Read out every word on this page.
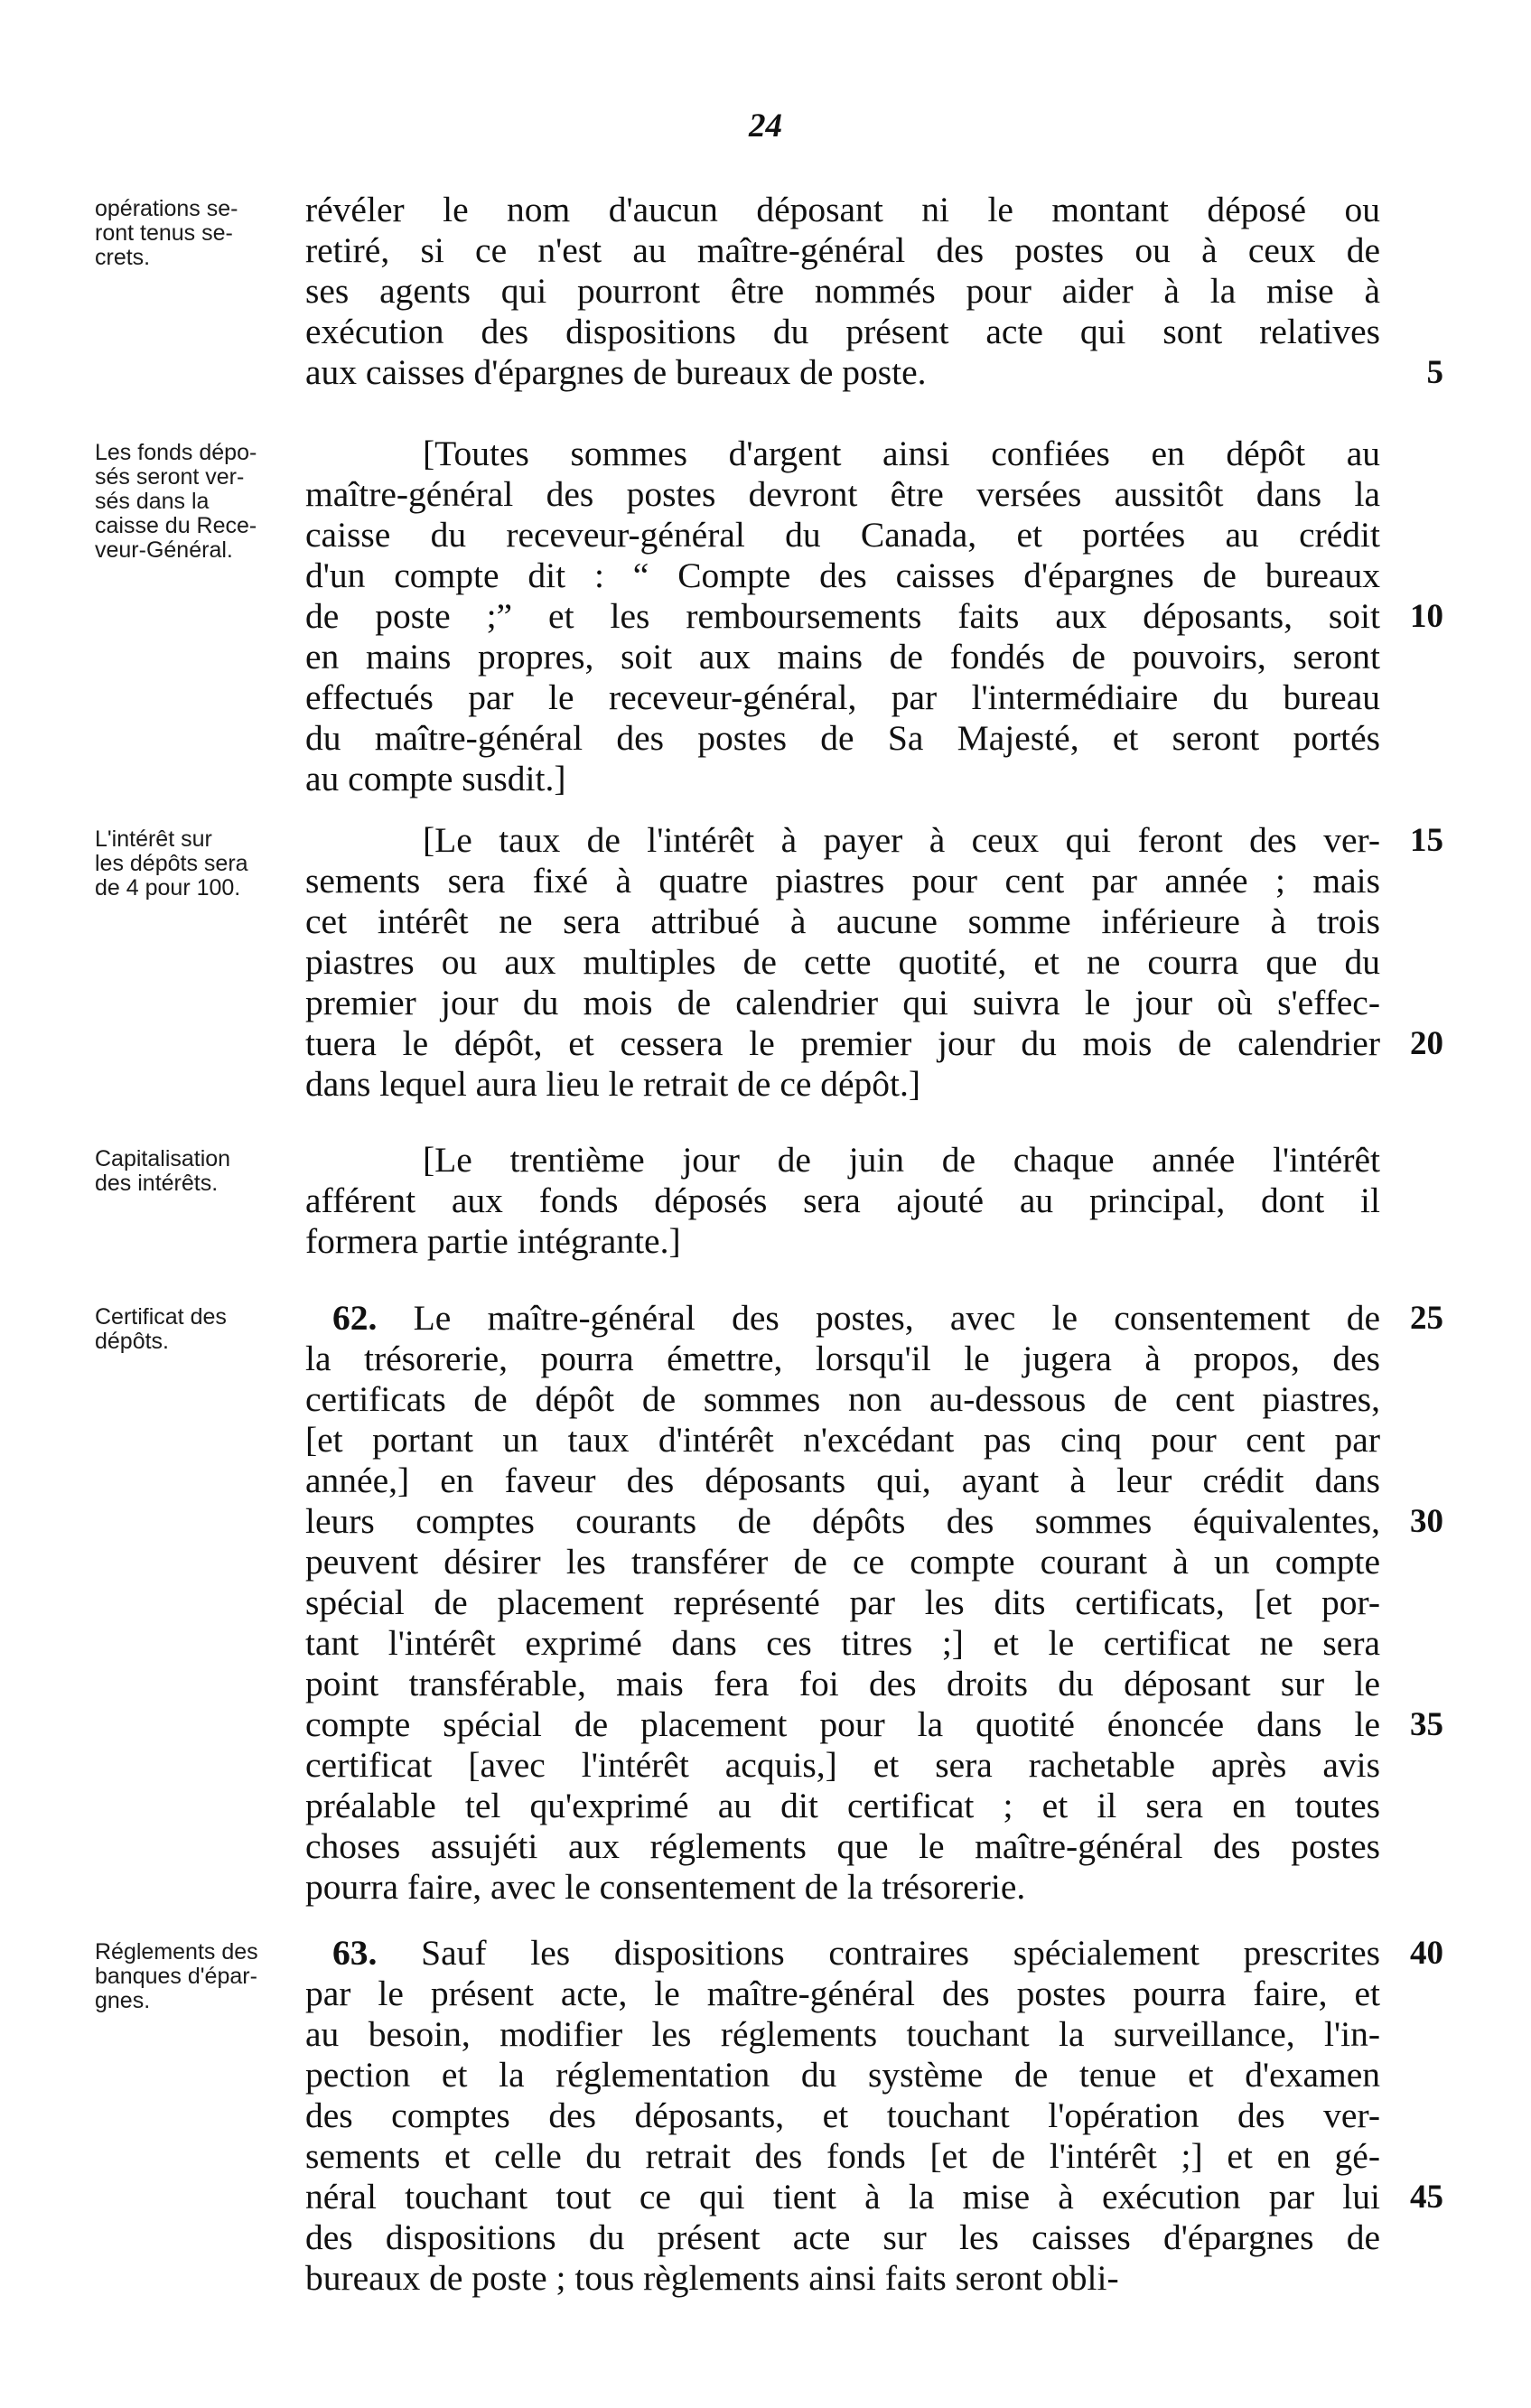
24
opérations se-
ront tenus se-
crets.
révéler le nom d'aucun déposant ni le montant déposé ou
retiré, si ce n'est au maître-général des postes ou à ceux de
ses agents qui pourront être nommés pour aider à la mise à
exécution des dispositions du présent acte qui sont relatives
aux caisses d'épargnes de bureaux de poste.	5
Les fonds dépo-
sés seront ver-
sés dans la
caisse du Rece-
veur-Général.
[Toutes sommes d'argent ainsi confiées en dépôt au
maître-général des postes devront être versées aussitôt dans la
caisse du receveur-général du Canada, et portées au crédit
d'un compte dit : “ Compte des caisses d'épargnes de bureaux
de poste ;” et les remboursements faits aux déposants, soit
en mains propres, soit aux mains de fondés de pouvoirs, seront
effectués par le receveur-général, par l'intermédiaire du bureau
du maître-général des postes de Sa Majesté, et seront portés
au compte susdit.]
10
L'intérêt sur
les dépôts sera
de 4 pour 100.
[Le taux de l'intérêt à payer à ceux qui feront des ver-
sements sera fixé à quatre piastres pour cent par année ; mais
cet intérêt ne sera attribué à aucune somme inférieure à trois
piastres ou aux multiples de cette quotité, et ne courra que du
premier jour du mois de calendrier qui suivra le jour où s'effec-
tuera le dépôt, et cessera le premier jour du mois de calendrier
dans lequel aura lieu le retrait de ce dépôt.]
15
20
Capitalisation
des intérêts.
[Le trentième jour de juin de chaque année l'intérêt
afférent aux fonds déposés sera ajouté au principal, dont il
formera partie intégrante.]
Certificat des
dépôts.
62. Le maître-général des postes, avec le consentement de
la trésorerie, pourra émettre, lorsqu'il le jugera à propos, des
certificats de dépôt de sommes non au-dessous de cent piastres,
[et portant un taux d'intérêt n'excédant pas cinq pour cent par
année,] en faveur des déposants qui, ayant à leur crédit dans
leurs comptes courants de dépôts des sommes équivalentes,
peuvent désirer les transférer de ce compte courant à un compte
spécial de placement représenté par les dits certificats, [et por-
tant l'intérêt exprimé dans ces titres ;] et le certificat ne sera
point transférable, mais fera foi des droits du déposant sur le
compte spécial de placement pour la quotité énoncée dans le
certificat [avec l'intérêt acquis,] et sera rachetable après avis
préalable tel qu'exprimé au dit certificat ; et il sera en toutes
choses assujéti aux réglements que le maître-général des postes
pourra faire, avec le consentement de la trésorerie.
25
30
35
Réglements des
banques d'épar-
gnes.
63. Sauf les dispositions contraires spécialement prescrites
par le présent acte, le maître-général des postes pourra faire, et
au besoin, modifier les réglements touchant la surveillance, l'in-
pection et la réglementation du système de tenue et d'examen
des comptes des déposants, et touchant l'opération des ver-
sements et celle du retrait des fonds [et de l'intérêt ;] et en gé-
néral touchant tout ce qui tient à la mise à exécution par lui
des dispositions du présent acte sur les caisses d'épargnes de
bureaux de poste ; tous règlements ainsi faits seront obli-
40
45
